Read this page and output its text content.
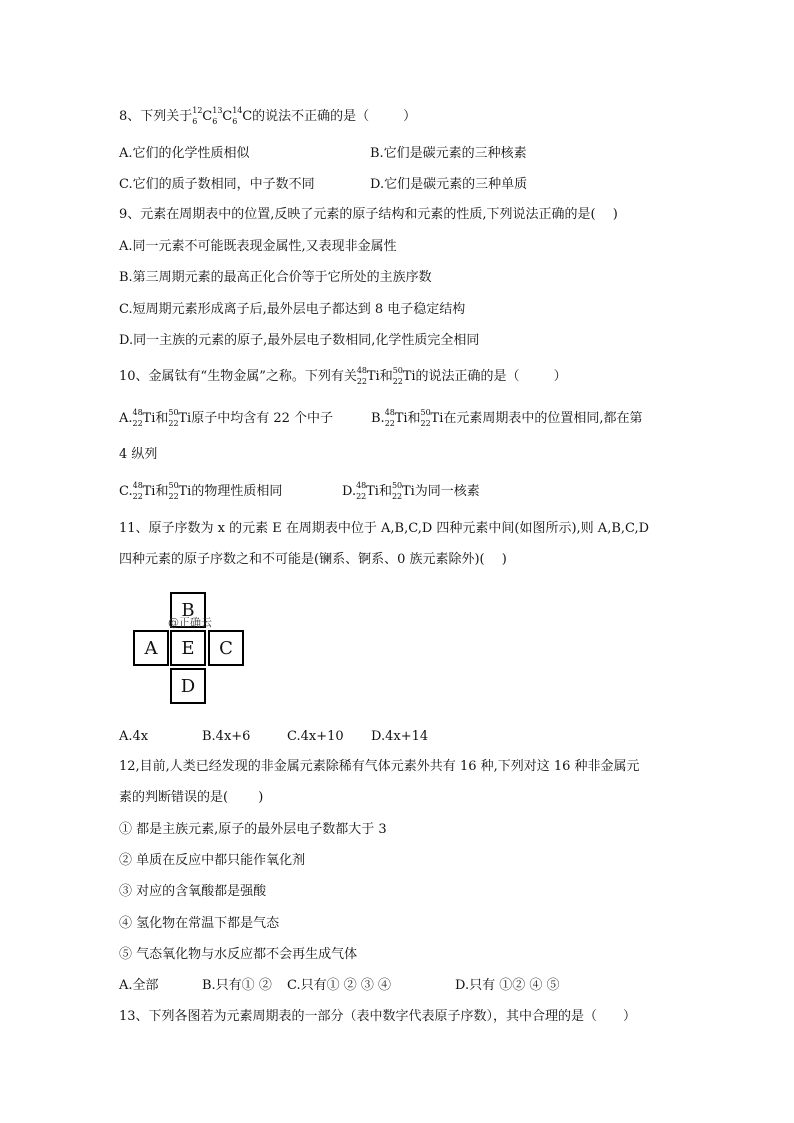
8、下列关于 12
6 C 13
6 C 14
6 C的说法不正确的是（	）
A.它们的化学性质相似	B.它们是碳元素的三种核素
C.它们的质子数相同，中子数不同	D.它们是碳元素的三种单质
9、元素在周期表中的位置,反映了元素的原子结构和元素的性质,下列说法正确的是(　 )
A.同一元素不可能既表现金属性,又表现非金属性
B.第三周期元素的最高正化合价等于它所处的主族序数
C.短周期元素形成离子后,最外层电子都达到 8 电子稳定结构
D.同一主族的元素的原子,最外层电子数相同,化学性质完全相同
10、金属钛有“生物金属”之称。下列有关 48
22 Ti和 50
22 Ti的说法正确的是（	）
A. 48
22 Ti和 50
22 Ti原子中均含有 22 个中子	B. 48
22 Ti和 50
22 Ti在元素周期表中的位置相同,都在第
4 纵列
C. 48
22 Ti和 50
22 Ti的物理性质相同	D. 48
22 Ti和 50
22 Ti为同一核素
11、原子序数为 x 的元素 E 在周期表中位于 A,B,C,D 四种元素中间(如图所示),则 A,B,C,D
四种元素的原子序数之和不可能是(镧系、锕系、0 族元素除外)(　 )
B
A	E	C
D
@正确云
A.4x	B.4x+6	C.4x+10 D.4x+14
12,目前,人类已经发现的非金属元素除稀有气体元素外共有 16 种,下列对这 16 种非金属元
素的判断错误的是(　 　)
① 都是主族元素,原子的最外层电子数都大于 3
② 单质在反应中都只能作氧化剂
③ 对应的含氧酸都是强酸
④ 氢化物在常温下都是气态
⑤ 气态氧化物与水反应都不会再生成气体
A.全部	B.只有① ② C.只有① ② ③ ④	D.只有 ①② ④ ⑤
13、下列各图若为元素周期表的一部分（表中数字代表原子序数），其中合理的是（　　）
